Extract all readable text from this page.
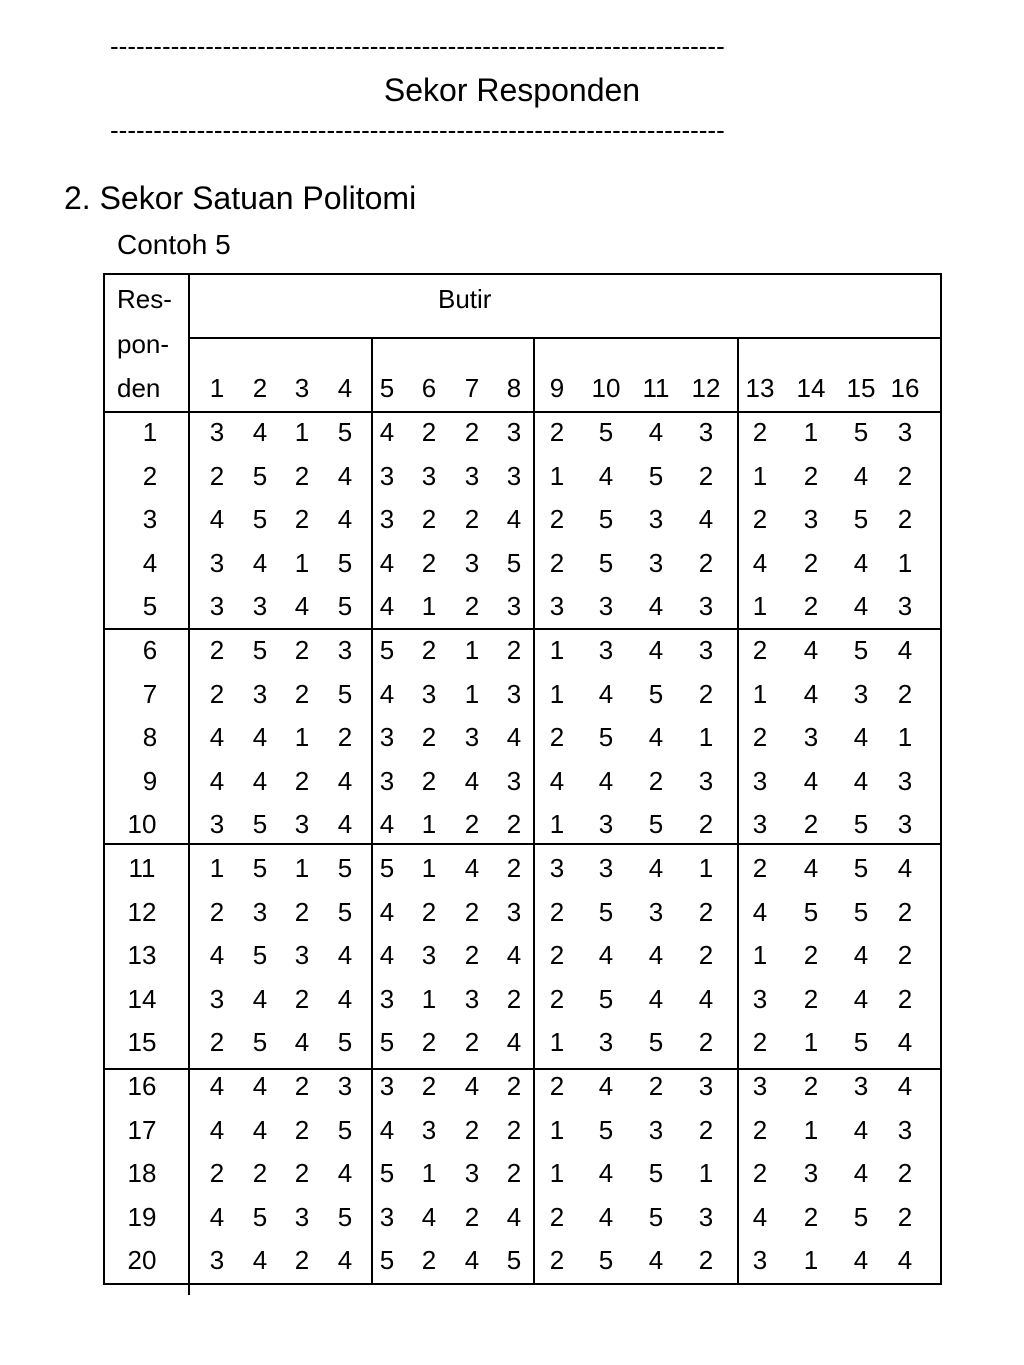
-----------------------------------------------------------------------
Sekor Responden
-----------------------------------------------------------------------
2. Sekor Satuan Politomi
Contoh 5
Res-
pon-
den
Butir
1 2 3 4 5 6 7 8 9 10 11 12 13 14 15 16
1 3 4 1 5 4 2 2 3 2 5 4 3 2 1 5 3
2 2 5 2 4 3 3 3 3 1 4 5 2 1 2 4 2
3 4 5 2 4 3 2 2 4 2 5 3 4 2 3 5 2
4 3 4 1 5 4 2 3 5 2 5 3 2 4 2 4 1
5 3 3 4 5 4 1 2 3 3 3 4 3 1 2 4 3
6 2 5 2 3 5 2 1 2 1 3 4 3 2 4 5 4
7 2 3 2 5 4 3 1 3 1 4 5 2 1 4 3 2
8 4 4 1 2 3 2 3 4 2 5 4 1 2 3 4 1
9 4 4 2 4 3 2 4 3 4 4 2 3 3 4 4 3
10 3 5 3 4 4 1 2 2 1 3 5 2 3 2 5 3
11 1 5 1 5 5 1 4 2 3 3 4 1 2 4 5 4
12 2 3 2 5 4 2 2 3 2 5 3 2 4 5 5 2
13 4 5 3 4 4 3 2 4 2 4 4 2 1 2 4 2
14 3 4 2 4 3 1 3 2 2 5 4 4 3 2 4 2
15 2 5 4 5 5 2 2 4 1 3 5 2 2 1 5 4
16 4 4 2 3 3 2 4 2 2 4 2 3 3 2 3 4
17 4 4 2 5 4 3 2 2 1 5 3 2 2 1 4 3
18 2 2 2 4 5 1 3 2 1 4 5 1 2 3 4 2
19 4 5 3 5 3 4 2 4 2 4 5 3 4 2 5 2
20 3 4 2 4 5 2 4 5 2 5 4 2 3 1 4 4
